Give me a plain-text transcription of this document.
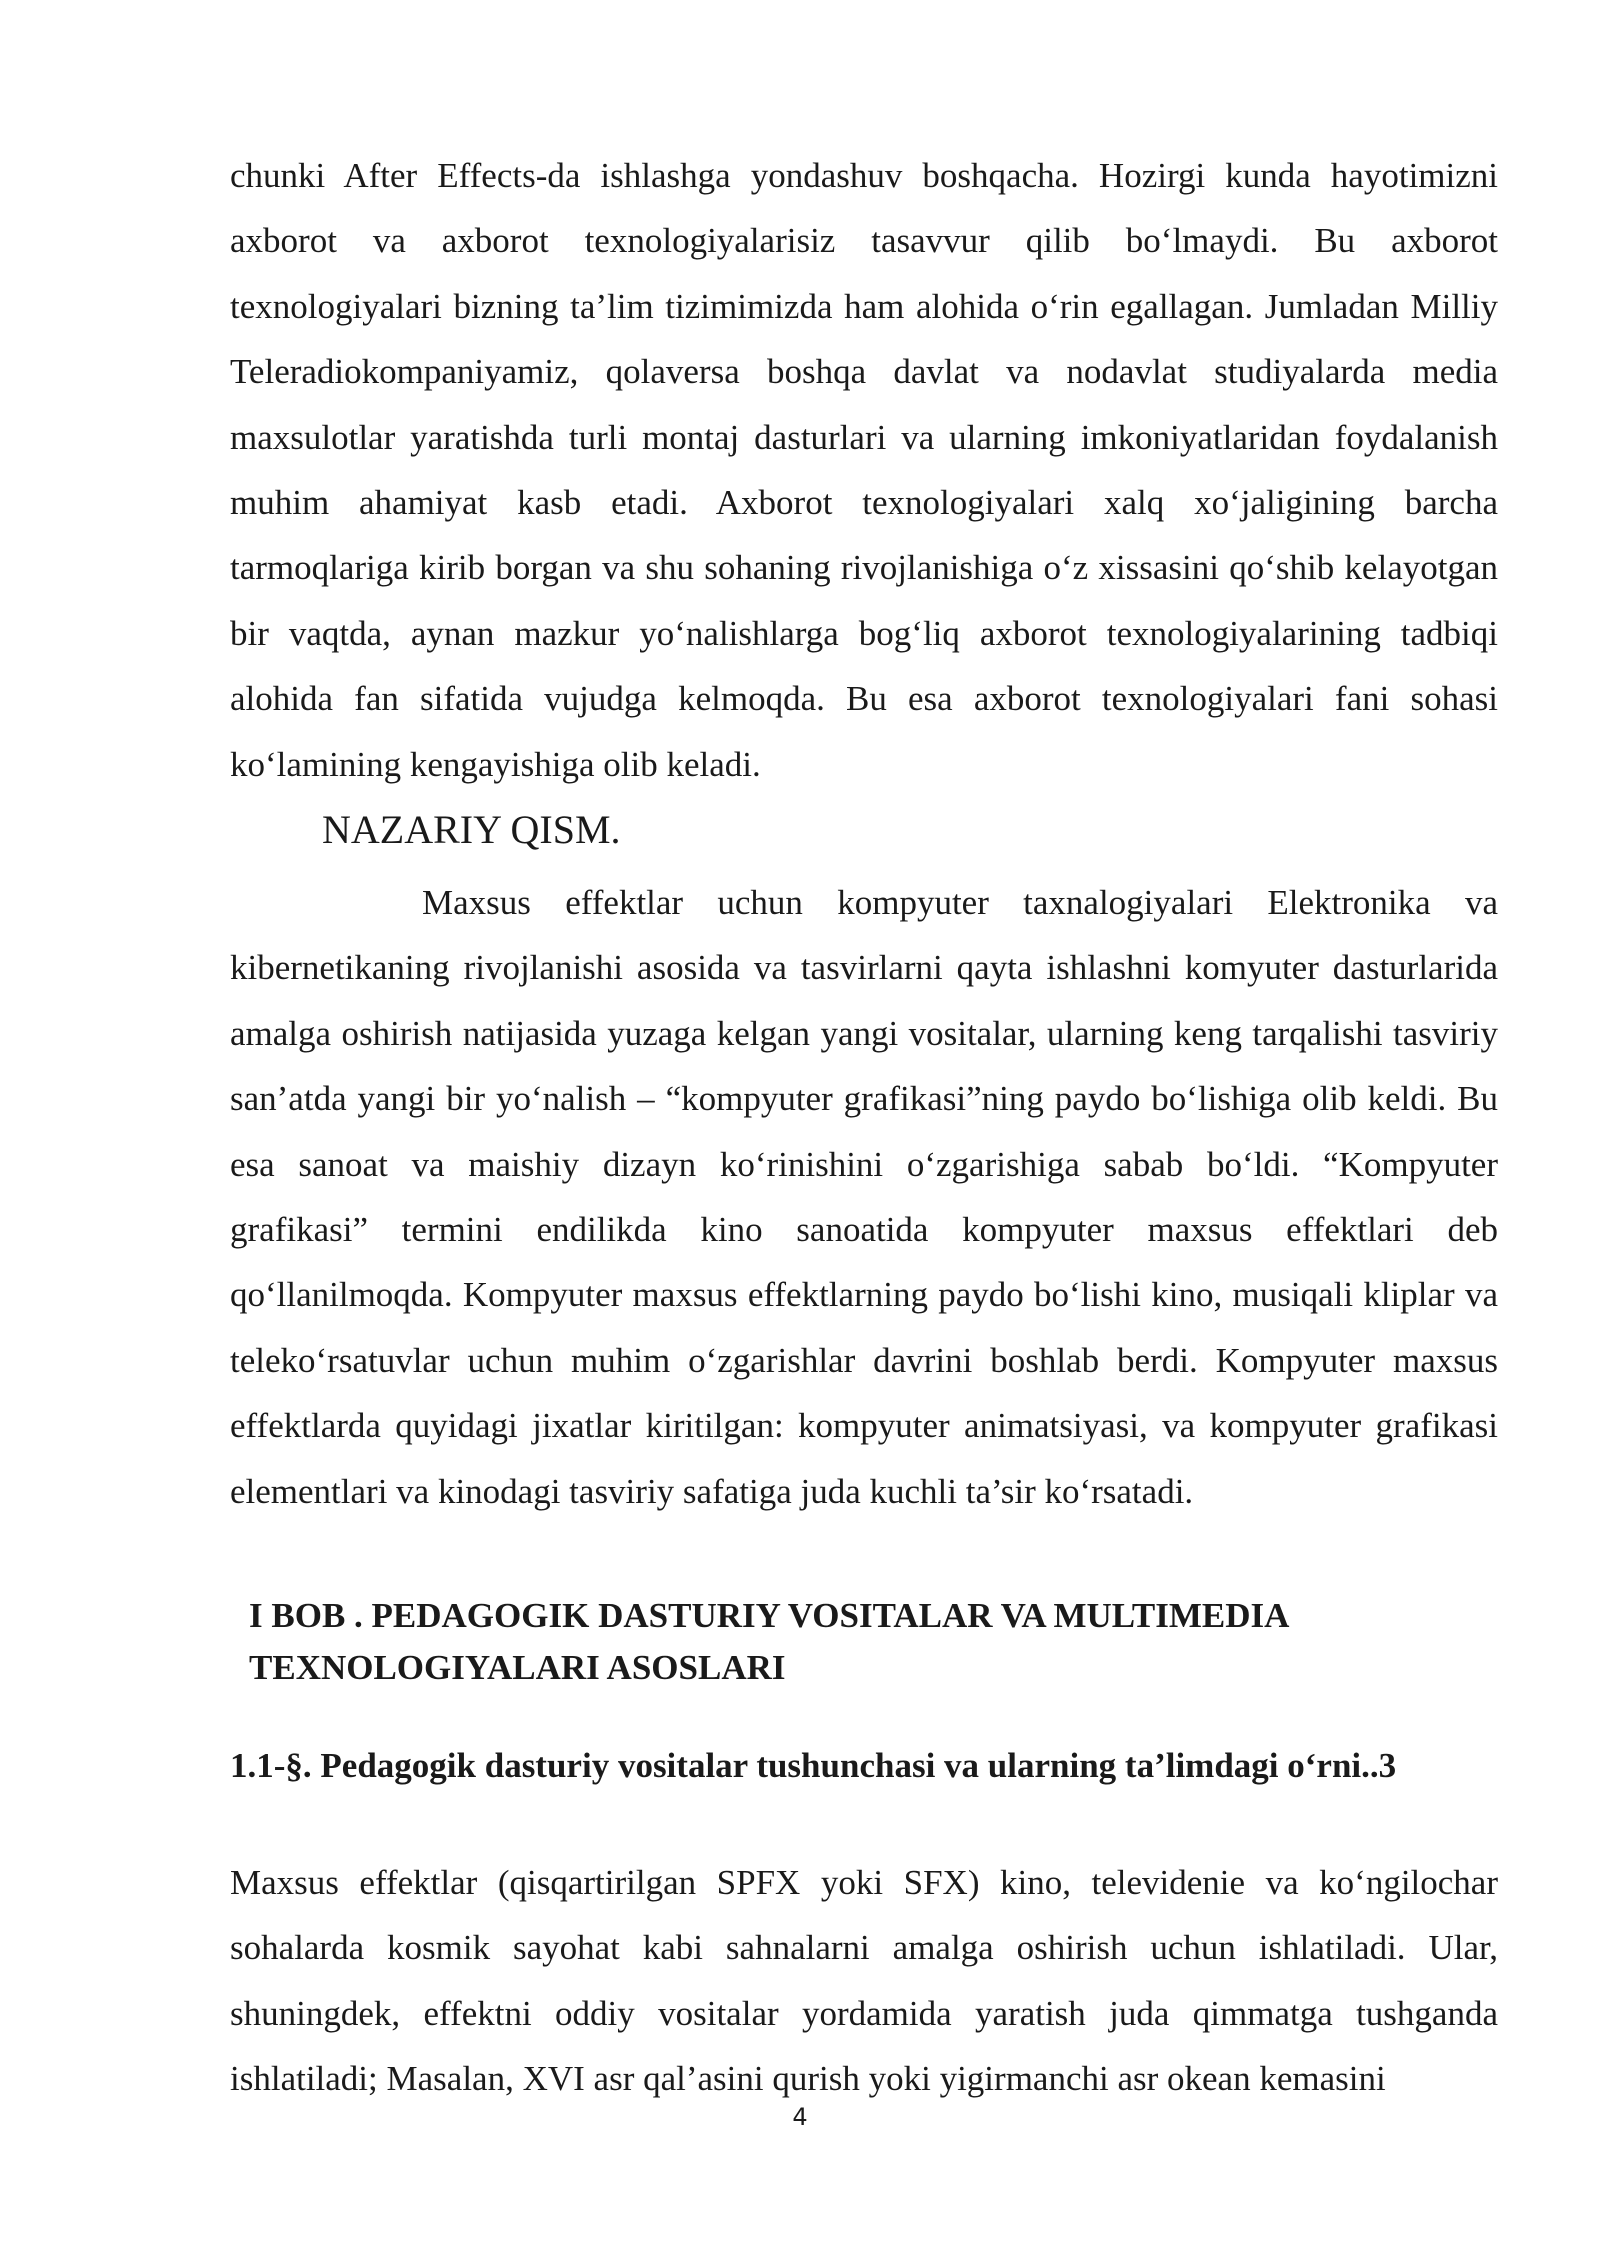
chunki After Effects-da ishlashga yondashuv boshqacha. Hozirgi kunda hayotimizni axborot va axborot texnologiyalarisiz tasavvur qilib bo‘lmaydi. Bu axborot texnologiyalari bizning ta’lim tizimimizda ham alohida o‘rin egallagan. Jumladan Milliy Teleradiokompaniyamiz, qolaversa boshqa davlat va nodavlat studiyalarda media maxsulotlar yaratishda turli montaj dasturlari va ularning imkoniyatlaridan foydalanish muhim ahamiyat kasb etadi. Axborot texnologiyalari xalq xo‘jaligining barcha tarmoqlariga kirib borgan va shu sohaning rivojlanishiga o‘z xissasini qo‘shib kelayotgan bir vaqtda, aynan mazkur yo‘nalishlarga bog‘liq axborot texnologiyalarining tadbiqi alohida fan sifatida vujudga kelmoqda. Bu esa axborot texnologiyalari fani sohasi ko‘lamining kengayishiga olib keladi.

NAZARIY QISM.

Maxsus effektlar uchun kompyuter taxnalogiyalari Elektronika va kibernetikaning rivojlanishi asosida va tasvirlarni qayta ishlashni komyuter dasturlarida amalga oshirish natijasida yuzaga kelgan yangi vositalar, ularning keng tarqalishi tasviriy san’atda yangi bir yo‘nalish – “kompyuter grafikasi”ning paydo bo‘lishiga olib keldi. Bu esa sanoat va maishiy dizayn ko‘rinishini o‘zgarishiga sabab bo‘ldi. “Kompyuter grafikasi” termini endilikda kino sanoatida kompyuter maxsus effektlari deb qo‘llanilmoqda. Kompyuter maxsus effektlarning paydo bo‘lishi kino, musiqali kliplar va teleko‘rsatuvlar uchun muhim o‘zgarishlar davrini boshlab berdi. Kompyuter maxsus effektlarda quyidagi jixatlar kiritilgan: kompyuter animatsiyasi, va kompyuter grafikasi elementlari va kinodagi tasviriy safatiga juda kuchli ta’sir ko‘rsatadi.

I BOB . PEDAGOGIK DASTURIY VOSITALAR VA MULTIMEDIA TEXNOLOGIYALARI ASOSLARI
1.1-§. Pedagogik dasturiy vositalar tushunchasi va ularning ta’limdagi o‘rni..3

Maxsus effektlar (qisqartirilgan SPFX yoki SFX) kino, televidenie va ko‘ngilochar sohalarda kosmik sayohat kabi sahnalarni amalga oshirish uchun ishlatiladi. Ular, shuningdek, effektni oddiy vositalar yordamida yaratish juda qimmatga tushganda ishlatiladi; Masalan, XVI asr qal’asini qurish yoki yigirmanchi asr okean kemasini

4
